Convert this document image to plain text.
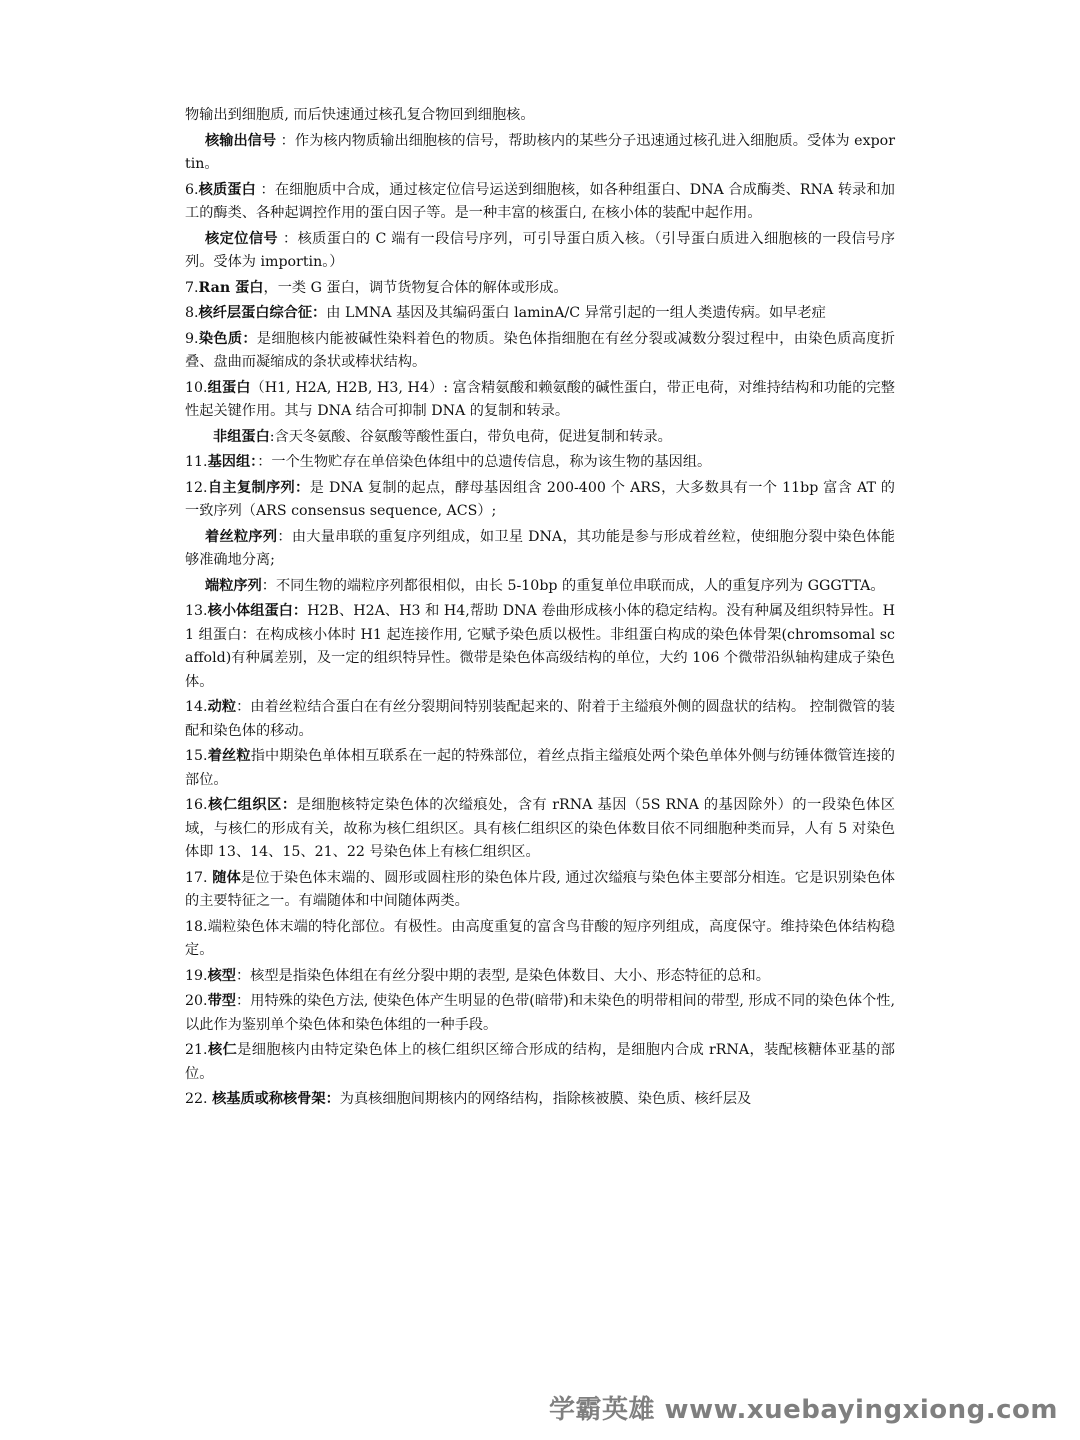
物输出到细胞质, 而后快速通过核孔复合物回到细胞核。

核输出信号 ：作为核内物质输出细胞核的信号，帮助核内的某些分子迅速通过核孔进入细胞质。受体为 exportin。

6.核质蛋白 ：在细胞质中合成，通过核定位信号运送到细胞核，如各种组蛋白、DNA 合成酶类、RNA 转录和加工的酶类、各种起调控作用的蛋白因子等。是一种丰富的核蛋白, 在核小体的装配中起作用。

核定位信号 ：核质蛋白的 C 端有一段信号序列，可引导蛋白质入核。（引导蛋白质进入细胞核的一段信号序列。受体为 importin。）

7.Ran 蛋白，一类 G 蛋白，调节货物复合体的解体或形成。

8.核纤层蛋白综合征：由 LMNA 基因及其编码蛋白 laminA/C 异常引起的一组人类遗传病。如早老症

9.染色质：是细胞核内能被碱性染料着色的物质。染色体指细胞在有丝分裂或减数分裂过程中，由染色质高度折叠、盘曲而凝缩成的条状或棒状结构。

10.组蛋白（H1, H2A, H2B, H3, H4）: 富含精氨酸和赖氨酸的碱性蛋白，带正电荷，对维持结构和功能的完整性起关键作用。其与 DNA 结合可抑制 DNA 的复制和转录。

非组蛋白:含天冬氨酸、谷氨酸等酸性蛋白，带负电荷，促进复制和转录。

11.基因组：：一个生物贮存在单倍染色体组中的总遗传信息，称为该生物的基因组。

12.自主复制序列：是 DNA 复制的起点，酵母基因组含 200-400 个 ARS，大多数具有一个 11bp 富含 AT 的一致序列（ARS consensus sequence, ACS）;

着丝粒序列：由大量串联的重复序列组成，如卫星 DNA，其功能是参与形成着丝粒，使细胞分裂中染色体能够准确地分离;

端粒序列：不同生物的端粒序列都很相似，由长 5-10bp 的重复单位串联而成，人的重复序列为 GGGTTA。

13.核小体组蛋白：H2B、H2A、H3 和 H4,帮助 DNA 卷曲形成核小体的稳定结构。没有种属及组织特异性。H1 组蛋白：在构成核小体时 H1 起连接作用, 它赋予染色质以极性。非组蛋白构成的染色体骨架(chromsomal scaffold)有种属差别，及一定的组织特异性。微带是染色体高级结构的单位，大约 106 个微带沿纵轴构建成子染色体。

14.动粒：由着丝粒结合蛋白在有丝分裂期间特别装配起来的、附着于主缢痕外侧的圆盘状的结构。 控制微管的装配和染色体的移动。

15.着丝粒指中期染色单体相互联系在一起的特殊部位，着丝点指主缢痕处两个染色单体外侧与纺锤体微管连接的部位。

16.核仁组织区：是细胞核特定染色体的次缢痕处，含有 rRNA 基因（5S RNA 的基因除外）的一段染色体区域，与核仁的形成有关，故称为核仁组织区。具有核仁组织区的染色体数目依不同细胞种类而异，人有 5 对染色体即 13、14、15、21、22 号染色体上有核仁组织区。

17. 随体是位于染色体末端的、圆形或圆柱形的染色体片段, 通过次缢痕与染色体主要部分相连。它是识别染色体的主要特征之一。有端随体和中间随体两类。

18.端粒染色体末端的特化部位。有极性。由高度重复的富含鸟苷酸的短序列组成，高度保守。维持染色体结构稳定。

19.核型：核型是指染色体组在有丝分裂中期的表型, 是染色体数目、大小、形态特征的总和。

20.带型：用特殊的染色方法, 使染色体产生明显的色带(暗带)和未染色的明带相间的带型, 形成不同的染色体个性, 以此作为鉴别单个染色体和染色体组的一种手段。

21.核仁是细胞核内由特定染色体上的核仁组织区缔合形成的结构，是细胞内合成 rRNA，装配核糖体亚基的部位。

22. 核基质或称核骨架：为真核细胞间期核内的网络结构，指除核被膜、染色质、核纤层及

学霸英雄 www.xuebayingxiong.com
